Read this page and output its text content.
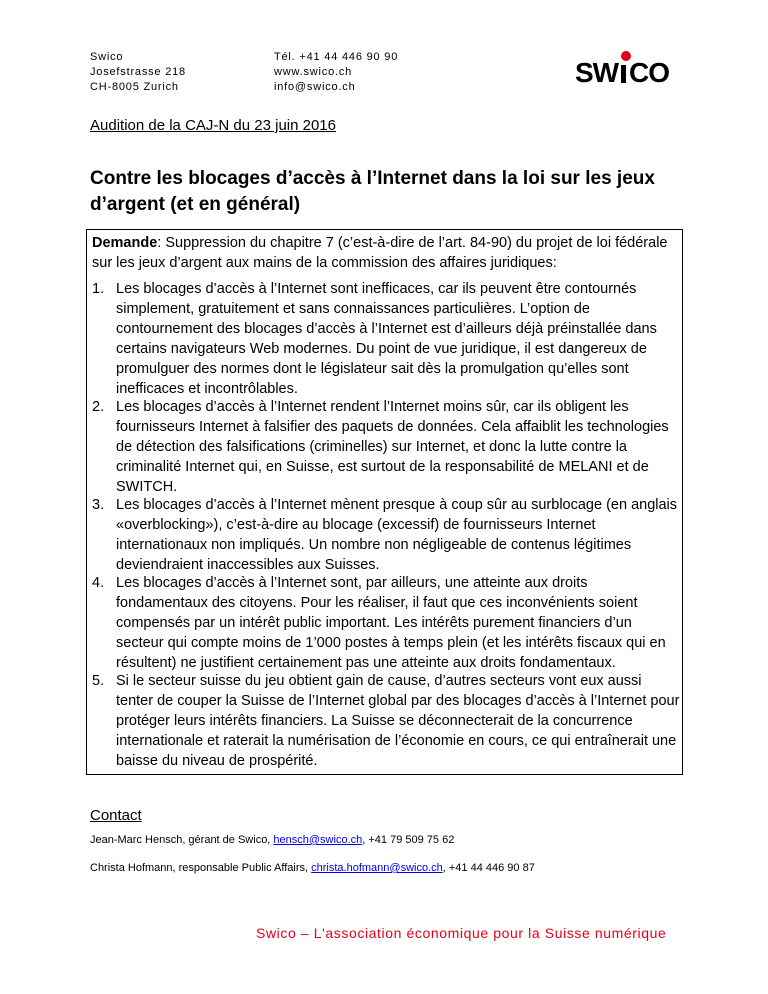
Swico
Josefstrasse 218
CH-8005 Zurich
Tél. +41 44 446 90 90
www.swico.ch
info@swico.ch	SW CO
Audition de la CAJ-N du 23 juin 2016
Contre les blocages d’accès à l’Internet dans la loi sur les jeux d’argent (et en général)
Demande: Suppression du chapitre 7 (c’est-à-dire de l’art. 84-90) du projet de loi fédérale sur les jeux d’argent aux mains de la commission des affaires juridiques:
1. Les blocages d’accès à l’Internet sont inefficaces, car ils peuvent être contournés simplement, gratuitement et sans connaissances particulières. L’option de contournement des blocages d’accès à l’Internet est d’ailleurs déjà préinstallée dans certains navigateurs Web modernes. Du point de vue juridique, il est dangereux de promulguer des normes dont le législateur sait dès la promulgation qu’elles sont inefficaces et incontrôlables.
2. Les blocages d’accès à l’Internet rendent l’Internet moins sûr, car ils obligent les fournisseurs Internet à falsifier des paquets de données. Cela affaiblit les technologies de détection des falsifications (criminelles) sur Internet, et donc la lutte contre la criminalité Internet qui, en Suisse, est surtout de la responsabilité de MELANI et de SWITCH.
3. Les blocages d’accès à l’Internet mènent presque à coup sûr au surblocage (en anglais «overblocking»), c’est-à-dire au blocage (excessif) de fournisseurs Internet internationaux non impliqués. Un nombre non négligeable de contenus légitimes deviendraient inaccessibles aux Suisses.
4. Les blocages d’accès à l’Internet sont, par ailleurs, une atteinte aux droits fondamentaux des citoyens. Pour les réaliser, il faut que ces inconvénients soient compensés par un intérêt public important. Les intérêts purement financiers d’un secteur qui compte moins de 1’000 postes à temps plein (et les intérêts fiscaux qui en résultent) ne justifient certainement pas une atteinte aux droits fondamentaux.
5. Si le secteur suisse du jeu obtient gain de cause, d’autres secteurs vont eux aussi tenter de couper la Suisse de l’Internet global par des blocages d’accès à l’Internet pour protéger leurs intérêts financiers. La Suisse se déconnecterait de la concurrence internationale et raterait la numérisation de l’économie en cours, ce qui entraînerait une baisse du niveau de prospérité.
Contact
Jean-Marc Hensch, gérant de Swico, hensch@swico.ch, +41 79 509 75 62
Christa Hofmann, responsable Public Affairs, christa.hofmann@swico.ch, +41 44 446 90 87
Swico – L'association économique pour la Suisse numérique
